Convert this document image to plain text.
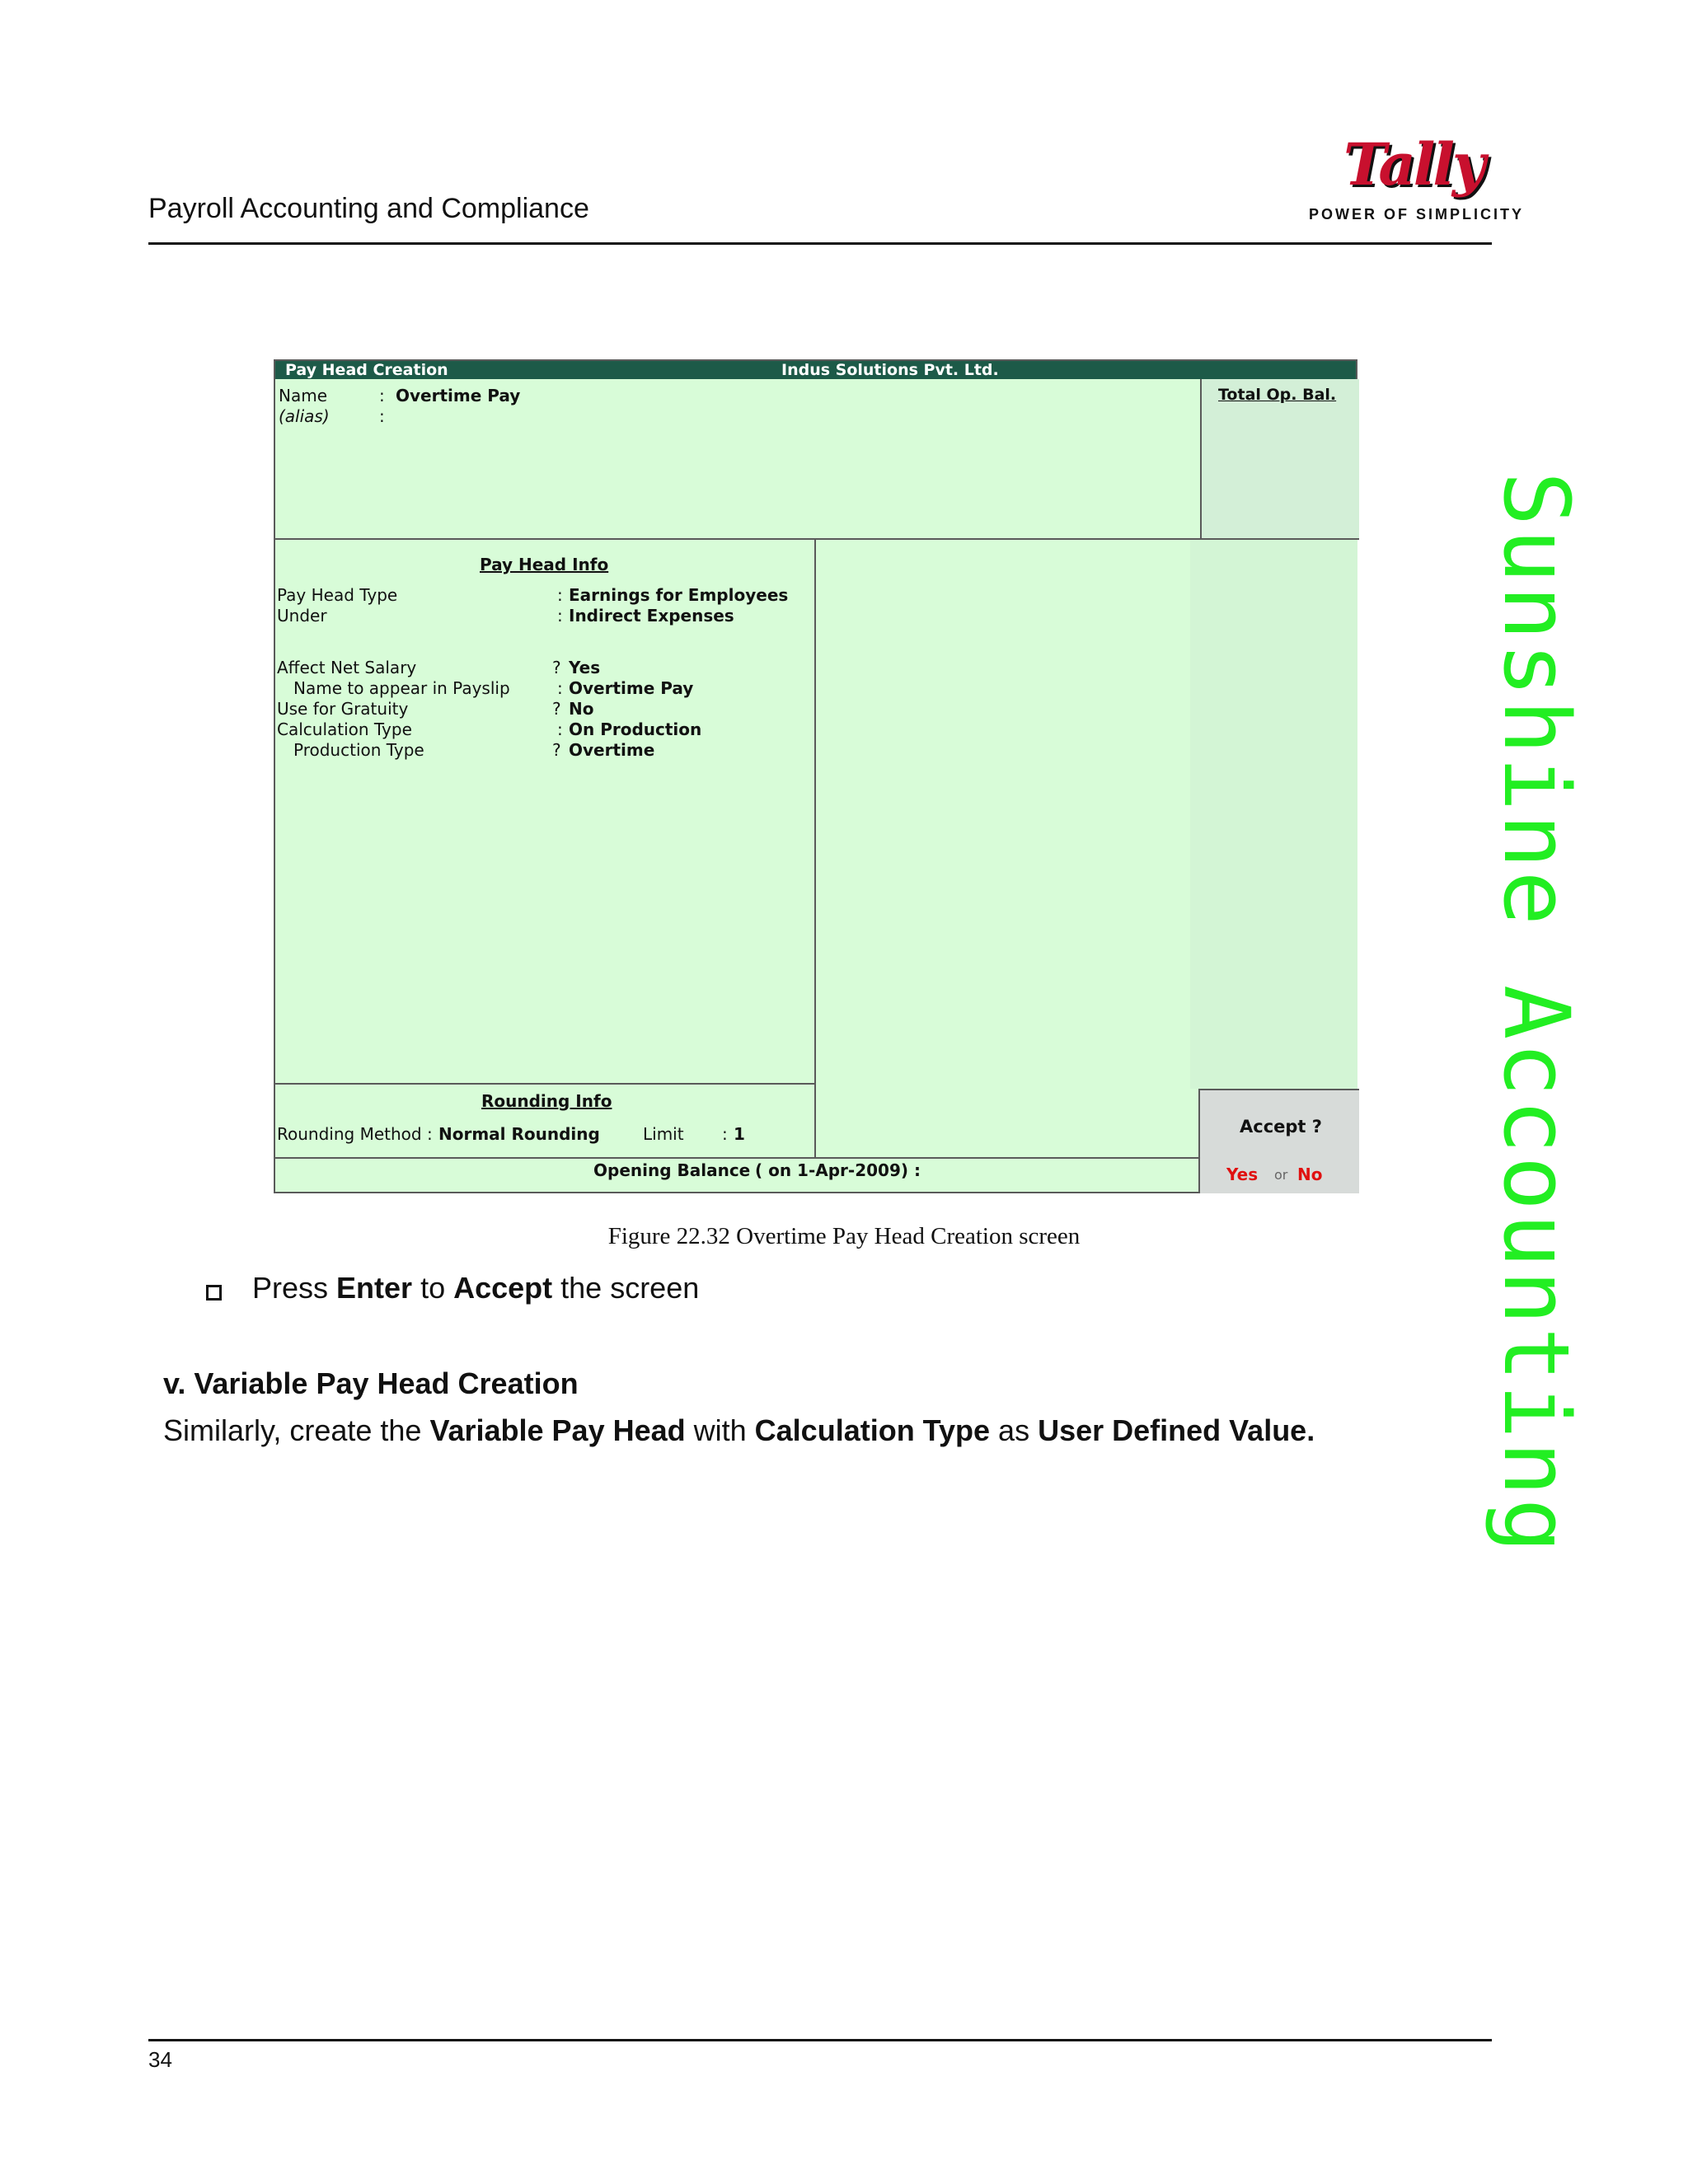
Payroll Accounting and Compliance
Tally
POWER OF SIMPLICITY
Pay Head Creation	Indus Solutions Pvt. Ltd.
Name	: Overtime Pay
(alias)	:
Total Op. Bal.
Pay Head Info
Pay Head Type	: Earnings for Employees
Under	: Indirect Expenses
Affect Net Salary	? Yes
Name to appear in Payslip	: Overtime Pay
Use for Gratuity	? No
Calculation Type	: On Production
Production Type	? Overtime
Rounding Info
Rounding Method : Normal Rounding	Limit : 1
Opening Balance ( on 1-Apr-2009) :
Accept ?
Yes or No
Figure 22.32 Overtime Pay Head Creation screen
Press Enter to Accept the screen
v. Variable Pay Head Creation
Similarly, create the Variable Pay Head with Calculation Type as User Defined Value. Sunshine Accounting
34
